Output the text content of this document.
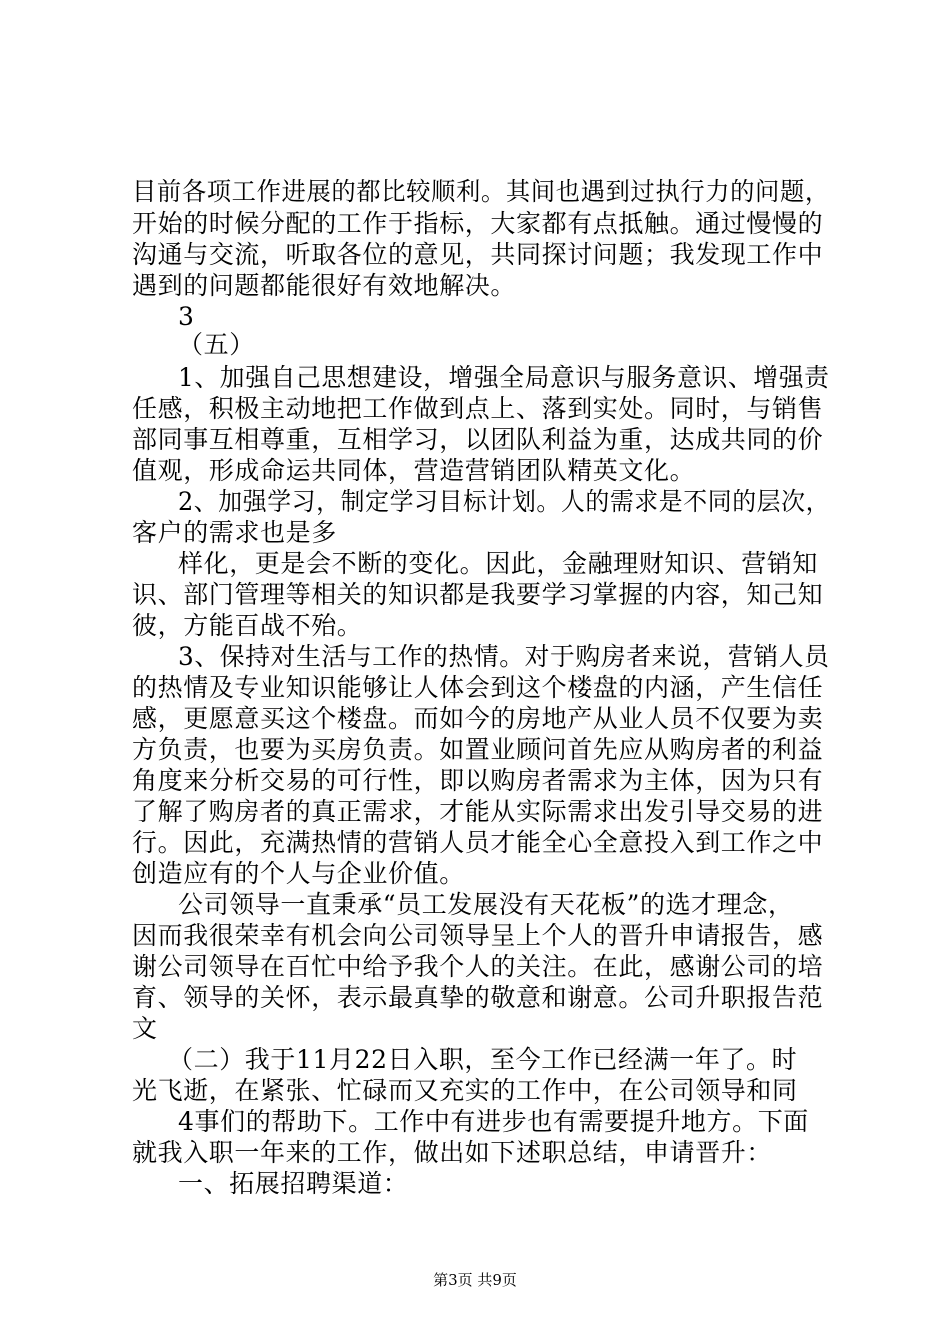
目前各项工作进展的都比较顺利。其间也遇到过执行力的问题，
开始的时候分配的工作于指标，大家都有点抵触。通过慢慢的
沟通与交流，听取各位的意见，共同探讨问题；我发现工作中
遇到的问题都能很好有效地解决。
3
（五）
1、加强自己思想建设，增强全局意识与服务意识、增强责
任感，积极主动地把工作做到点上、落到实处。同时，与销售
部同事互相尊重，互相学习，以团队利益为重，达成共同的价
值观，形成命运共同体，营造营销团队精英文化。
2、加强学习，制定学习目标计划。人的需求是不同的层次，
客户的需求也是多
样化，更是会不断的变化。因此，金融理财知识、营销知
识、部门管理等相关的知识都是我要学习掌握的内容，知己知
彼，方能百战不殆。
3、保持对生活与工作的热情。对于购房者来说，营销人员
的热情及专业知识能够让人体会到这个楼盘的内涵，产生信任
感，更愿意买这个楼盘。而如今的房地产从业人员不仅要为卖
方负责，也要为买房负责。如置业顾问首先应从购房者的利益
角度来分析交易的可行性，即以购房者需求为主体，因为只有
了解了购房者的真正需求，才能从实际需求出发引导交易的进
行。因此，充满热情的营销人员才能全心全意投入到工作之中
创造应有的个人与企业价值。
公司领导一直秉承“员工发展没有天花板”的选才理念，
因而我很荣幸有机会向公司领导呈上个人的晋升申请报告，感
谢公司领导在百忙中给予我个人的关注。在此，感谢公司的培
育、领导的关怀，表示最真挚的敬意和谢意。公司升职报告范
文
（二）我于11月22日入职，至今工作已经满一年了。时
光飞逝，在紧张、忙碌而又充实的工作中，在公司领导和同
4事们的帮助下。工作中有进步也有需要提升地方。下面
就我入职一年来的工作，做出如下述职总结，申请晋升：
一、拓展招聘渠道：
第3页 共9页
